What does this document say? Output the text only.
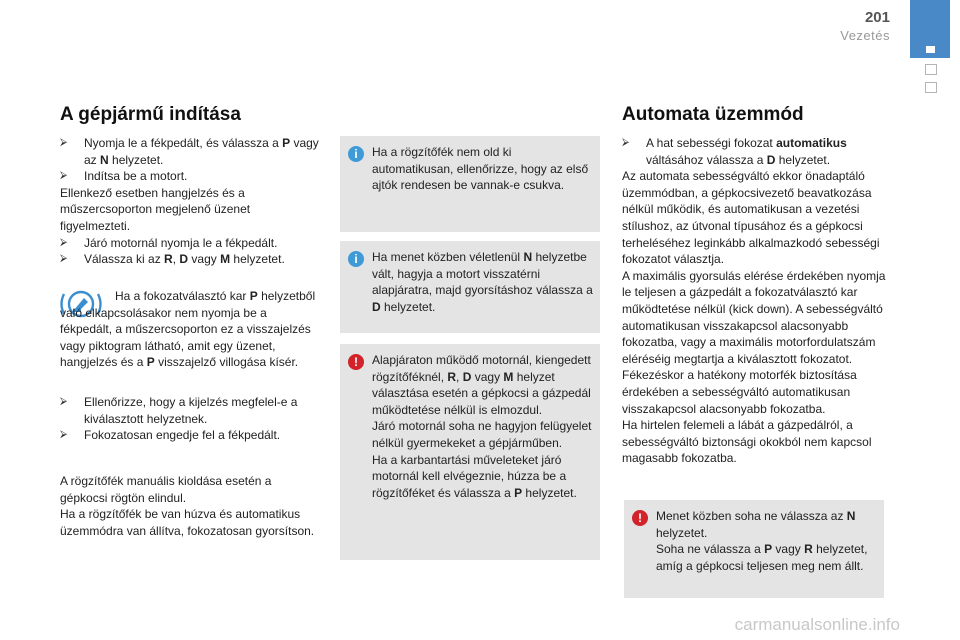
201
Vezetés
A gépjármű indítása
⮚	Nyomja le a fékpedált, és válassza a P vagy az N helyzetet.
⮚	Indítsa be a motort.

Ellenkező esetben hangjelzés és a műszercsoporton megjelenő üzenet figyelmezteti.

⮚	Járó motornál nyomja le a fékpedált.
⮚	Válassza ki az R, D vagy M helyzetet.

Ha a fokozatválasztó kar P helyzetből való elkapcsolásakor nem nyomja be a fékpedált, a műszercsoporton ez a visszajelzés vagy piktogram látható, amit egy üzenet, hangjelzés és a P visszajelző villogása kísér.

⮚	Ellenőrizze, hogy a kijelzés megfelel-e a kiválasztott helyzetnek.
⮚	Fokozatosan engedje fel a fékpedált.

A rögzítőfék manuális kioldása esetén a gépkocsi rögtön elindul.
Ha a rögzítőfék be van húzva és automatikus üzemmódra van állítva, fokozatosan gyorsítson.

i	Ha a rögzítőfék nem old ki automatikusan, ellenőrizze, hogy az első ajtók rendesen be vannak-e csukva.

i	Ha menet közben véletlenül N helyzetbe vált, hagyja a motort visszatérni alapjáratra, majd gyorsításhoz válassza a D helyzetet.

!	Alapjáraton működő motornál, kiengedett rögzítőféknél, R, D vagy M helyzet választása esetén a gépkocsi a gázpedál működtetése nélkül is elmozdul.
Járó motornál soha ne hagyjon felügyelet nélkül gyermekeket a gépjárműben.
Ha a karbantartási műveleteket járó motornál kell elvégeznie, húzza be a rögzítőféket és válassza a P helyzetet.

Automata üzemmód
⮚	A hat sebességi fokozat automatikus váltásához válassza a D helyzetet.

Az automata sebességváltó ekkor önadaptáló üzemmódban, a gépkocsivezető beavatkozása nélkül működik, és automatikusan a vezetési stílushoz, az útvonal típusához és a gépkocsi terheléséhez leginkább alkalmazkodó sebességi fokozatot választja.
A maximális gyorsulás elérése érdekében nyomja le teljesen a gázpedált a fokozatválasztó kar működtetése nélkül (kick down). A sebességváltó automatikusan visszakapcsol alacsonyabb fokozatba, vagy a maximális motorfordulatszám eléréséig megtartja a kiválasztott fokozatot.
Fékezéskor a hatékony motorfék biztosítása érdekében a sebességváltó automatikusan visszakapcsol alacsonyabb fokozatba.
Ha hirtelen felemeli a lábát a gázpedálról, a sebességváltó biztonsági okokból nem kapcsol magasabb fokozatba.

!	Menet közben soha ne válassza az N helyzetet.
Soha ne válassza a P vagy R helyzetet, amíg a gépkocsi teljesen meg nem állt.

carmanualsonline.info
